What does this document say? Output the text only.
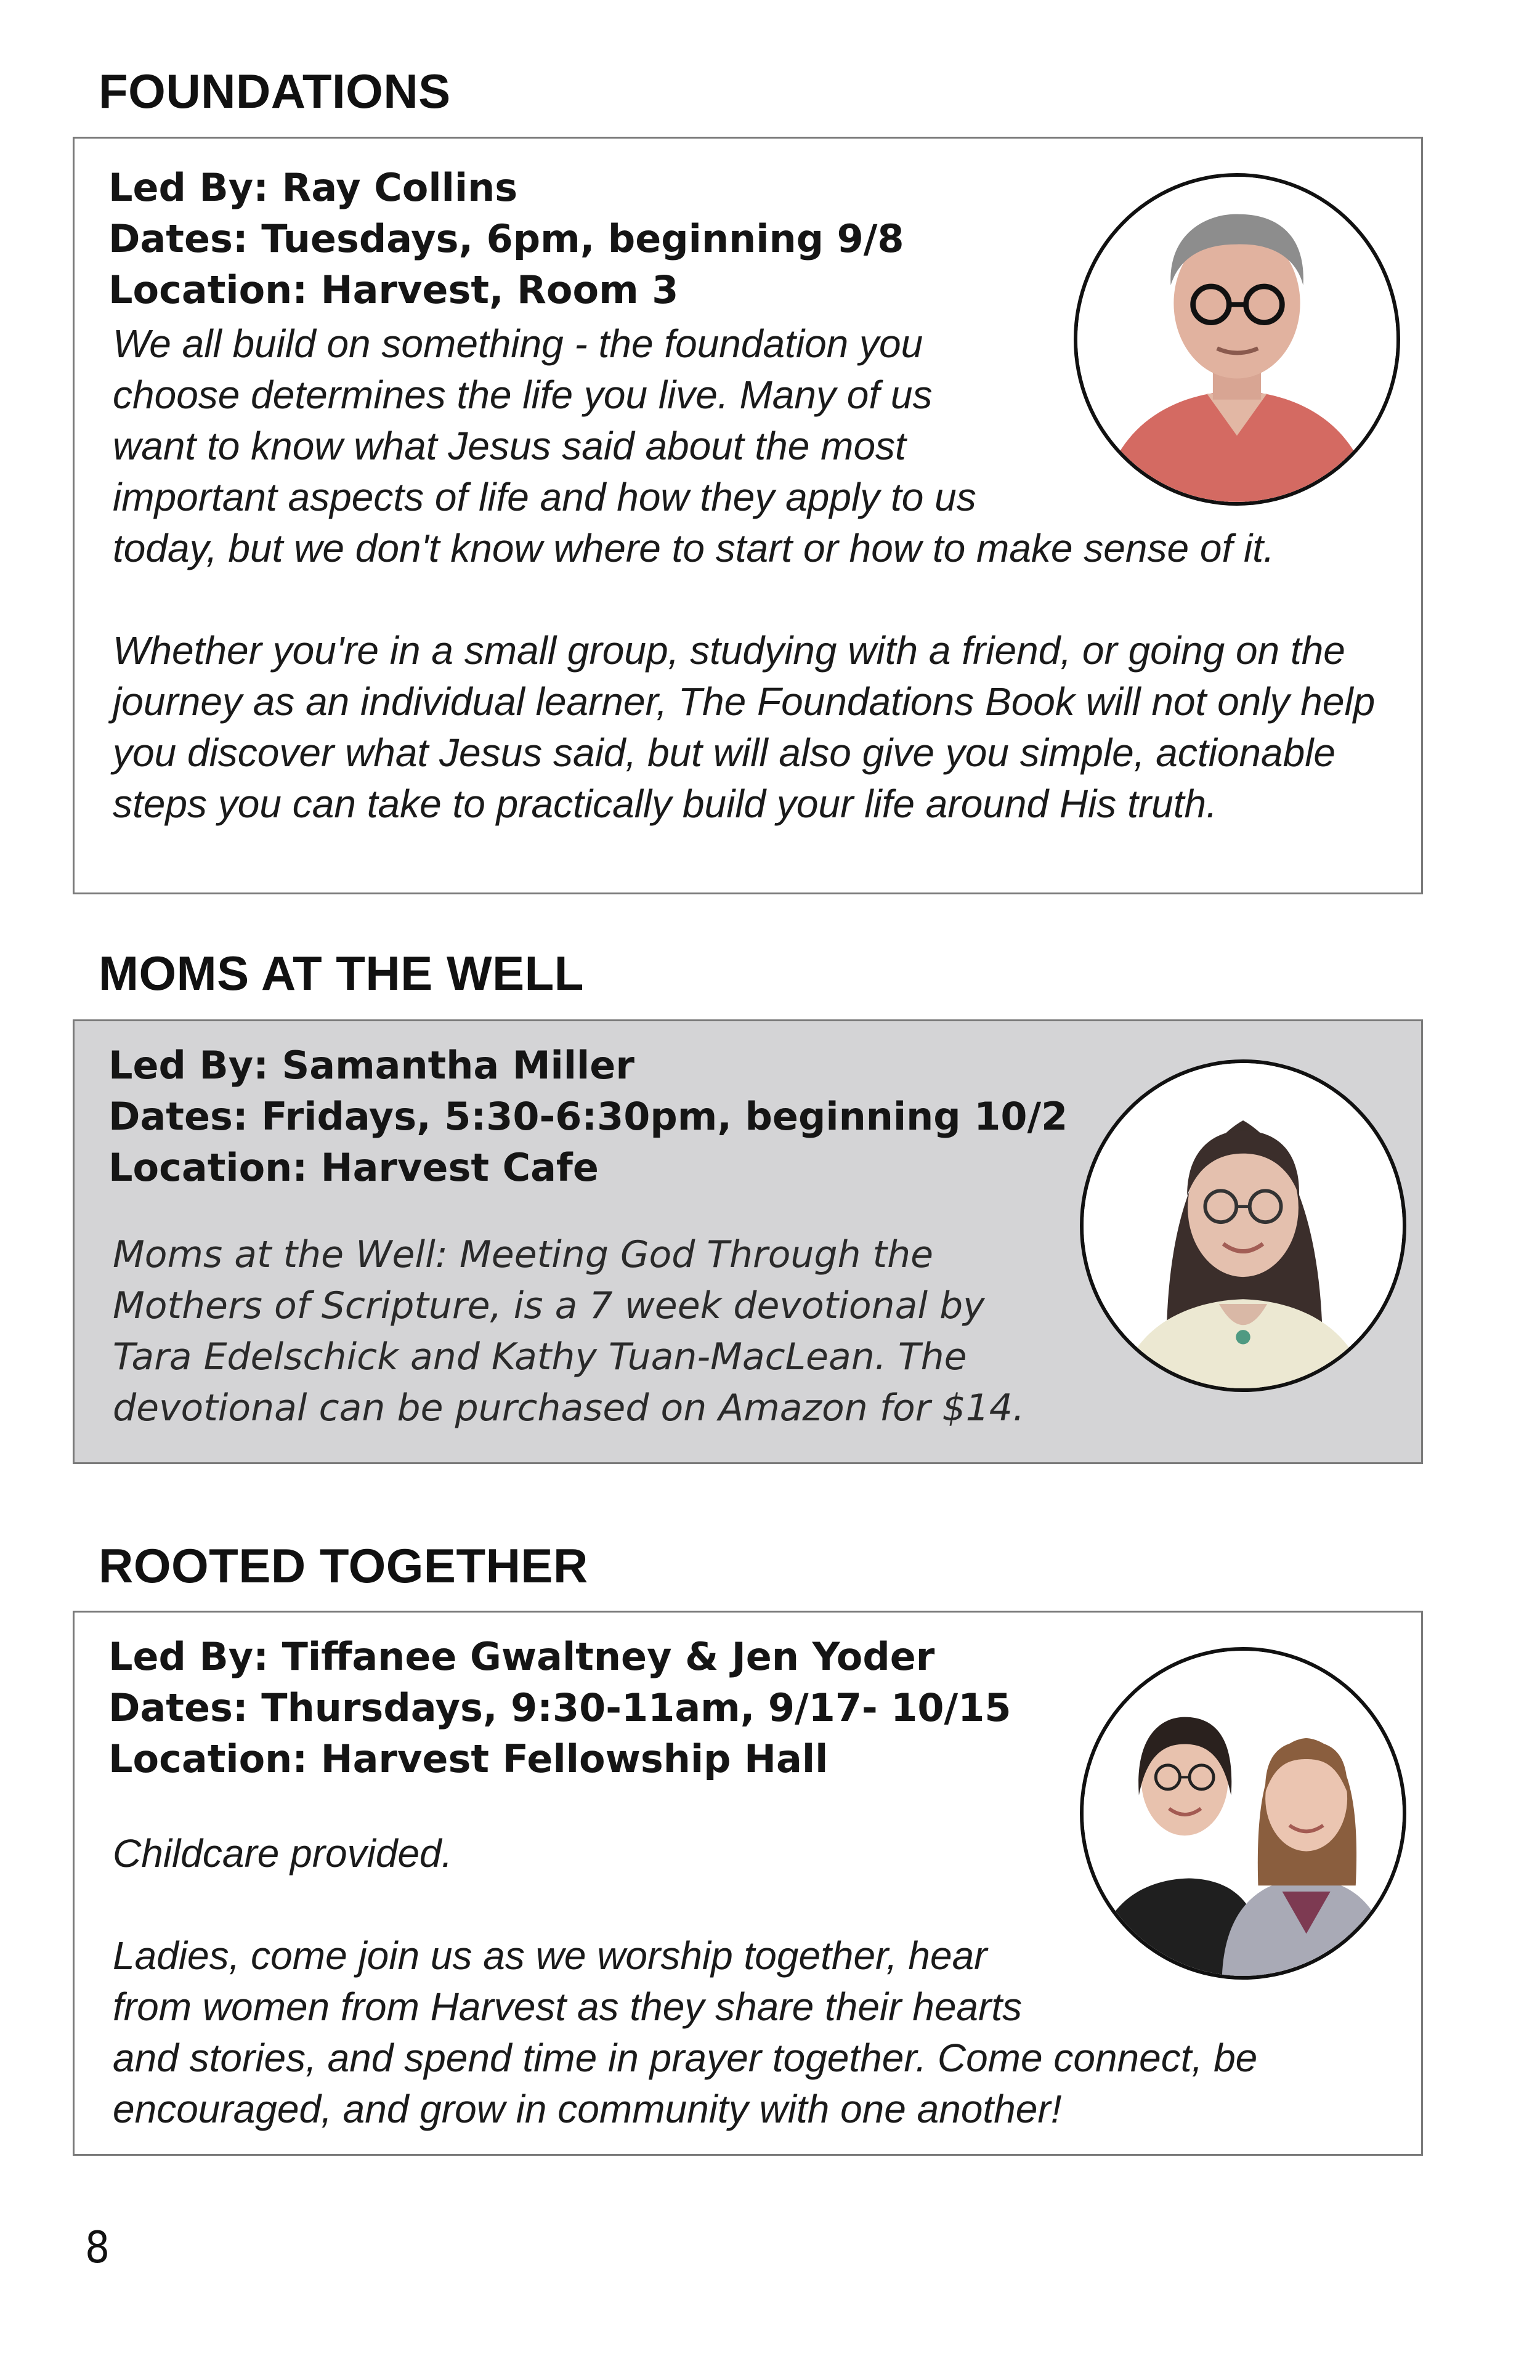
FOUNDATIONS
Led By: Ray Collins
Dates: Tuesdays, 6pm, beginning 9/8
Location: Harvest, Room 3

We all build on something - the foundation you

choose determines the life you live. Many of us

want to know what Jesus said about the most

important aspects of life and how they apply to us

today, but we don't know where to start or how to make sense of it.

Whether you're in a small group, studying with a friend, or going on the

journey as an individual learner, The Foundations Book will not only help

you discover what Jesus said, but will also give you simple, actionable

steps you can take to practically build your life around His truth.

MOMS AT THE WELL
Led By: Samantha Miller
Dates: Fridays, 5:30-6:30pm, beginning 10/2
Location: Harvest Cafe

Moms at the Well: Meeting God Through the

Mothers of Scripture, is a 7 week devotional by

Tara Edelschick and Kathy Tuan-MacLean. The

devotional can be purchased on Amazon for $14.

ROOTED TOGETHER
Led By: Tiffanee Gwaltney & Jen Yoder
Dates: Thursdays, 9:30-11am, 9/17- 10/15
Location: Harvest Fellowship Hall

Childcare provided.

Ladies, come join us as we worship together, hear

from women from Harvest as they share their hearts

and stories, and spend time in prayer together. Come connect, be

encouraged, and grow in community with one another!

8
